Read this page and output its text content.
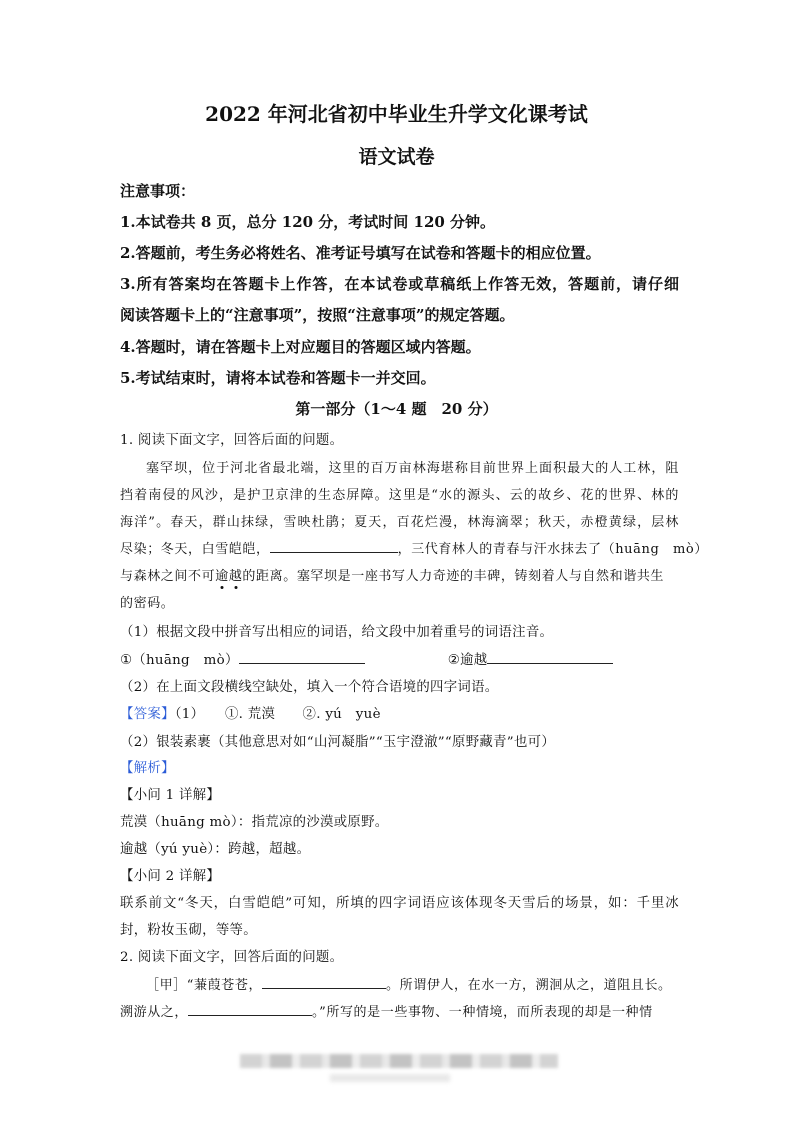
2022 年河北省初中毕业生升学文化课考试
语文试卷
注意事项：
1.本试卷共 8 页，总分 120 分，考试时间 120 分钟。
2.答题前，考生务必将姓名、准考证号填写在试卷和答题卡的相应位置。
3.所有答案均在答题卡上作答，在本试卷或草稿纸上作答无效，答题前，请仔细
阅读答题卡上的“注意事项”，按照“注意事项”的规定答题。
4.答题时，请在答题卡上对应题目的答题区域内答题。
5.考试结束时，请将本试卷和答题卡一并交回。
第一部分（1～4 题　20 分）
1. 阅读下面文字，回答后面的问题。
塞罕坝，位于河北省最北端，这里的百万亩林海堪称目前世界上面积最大的人工林，阻
挡着南侵的风沙，是护卫京津的生态屏障。这里是“水的源头、云的故乡、花的世界、林的
海洋”。春天，群山抹绿，雪映杜鹃；夏天，百花烂漫，林海滴翠；秋天，赤橙黄绿，层林
尽染；冬天，白雪皑皑，	，三代育林人的青春与汗水抹去了（huāng　mò）
与森林之间不可逾越的距离。塞罕坝是一座书写人力奇迹的丰碑，铸刻着人与自然和谐共生
的密码。
（1）根据文段中拼音写出相应的词语，给文段中加着重号的词语注音。
①（huāng　mò）	②逾越
（2）在上面文段横线空缺处，填入一个符合语境的四字词语。
【答案】（1）　　①. 荒漠　　②. yú　yuè
（2）银装素裹（其他意思对如“山河凝脂”“玉宇澄澈”“原野藏青”也可）
【解析】
【小问 1 详解】
荒漠（huāng mò）：指荒凉的沙漠或原野。
逾越（yú yuè）：跨越，超越。
【小问 2 详解】
联系前文“冬天，白雪皑皑”可知，所填的四字词语应该体现冬天雪后的场景，如：千里冰
封，粉妆玉砌，等等。
2. 阅读下面文字，回答后面的问题。
［甲］“蒹葭苍苍，	。所谓伊人，在水一方，溯洄从之，道阻且长。
溯游从之，	。”所写的是一些事物、一种情境，而所表现的却是一种情
